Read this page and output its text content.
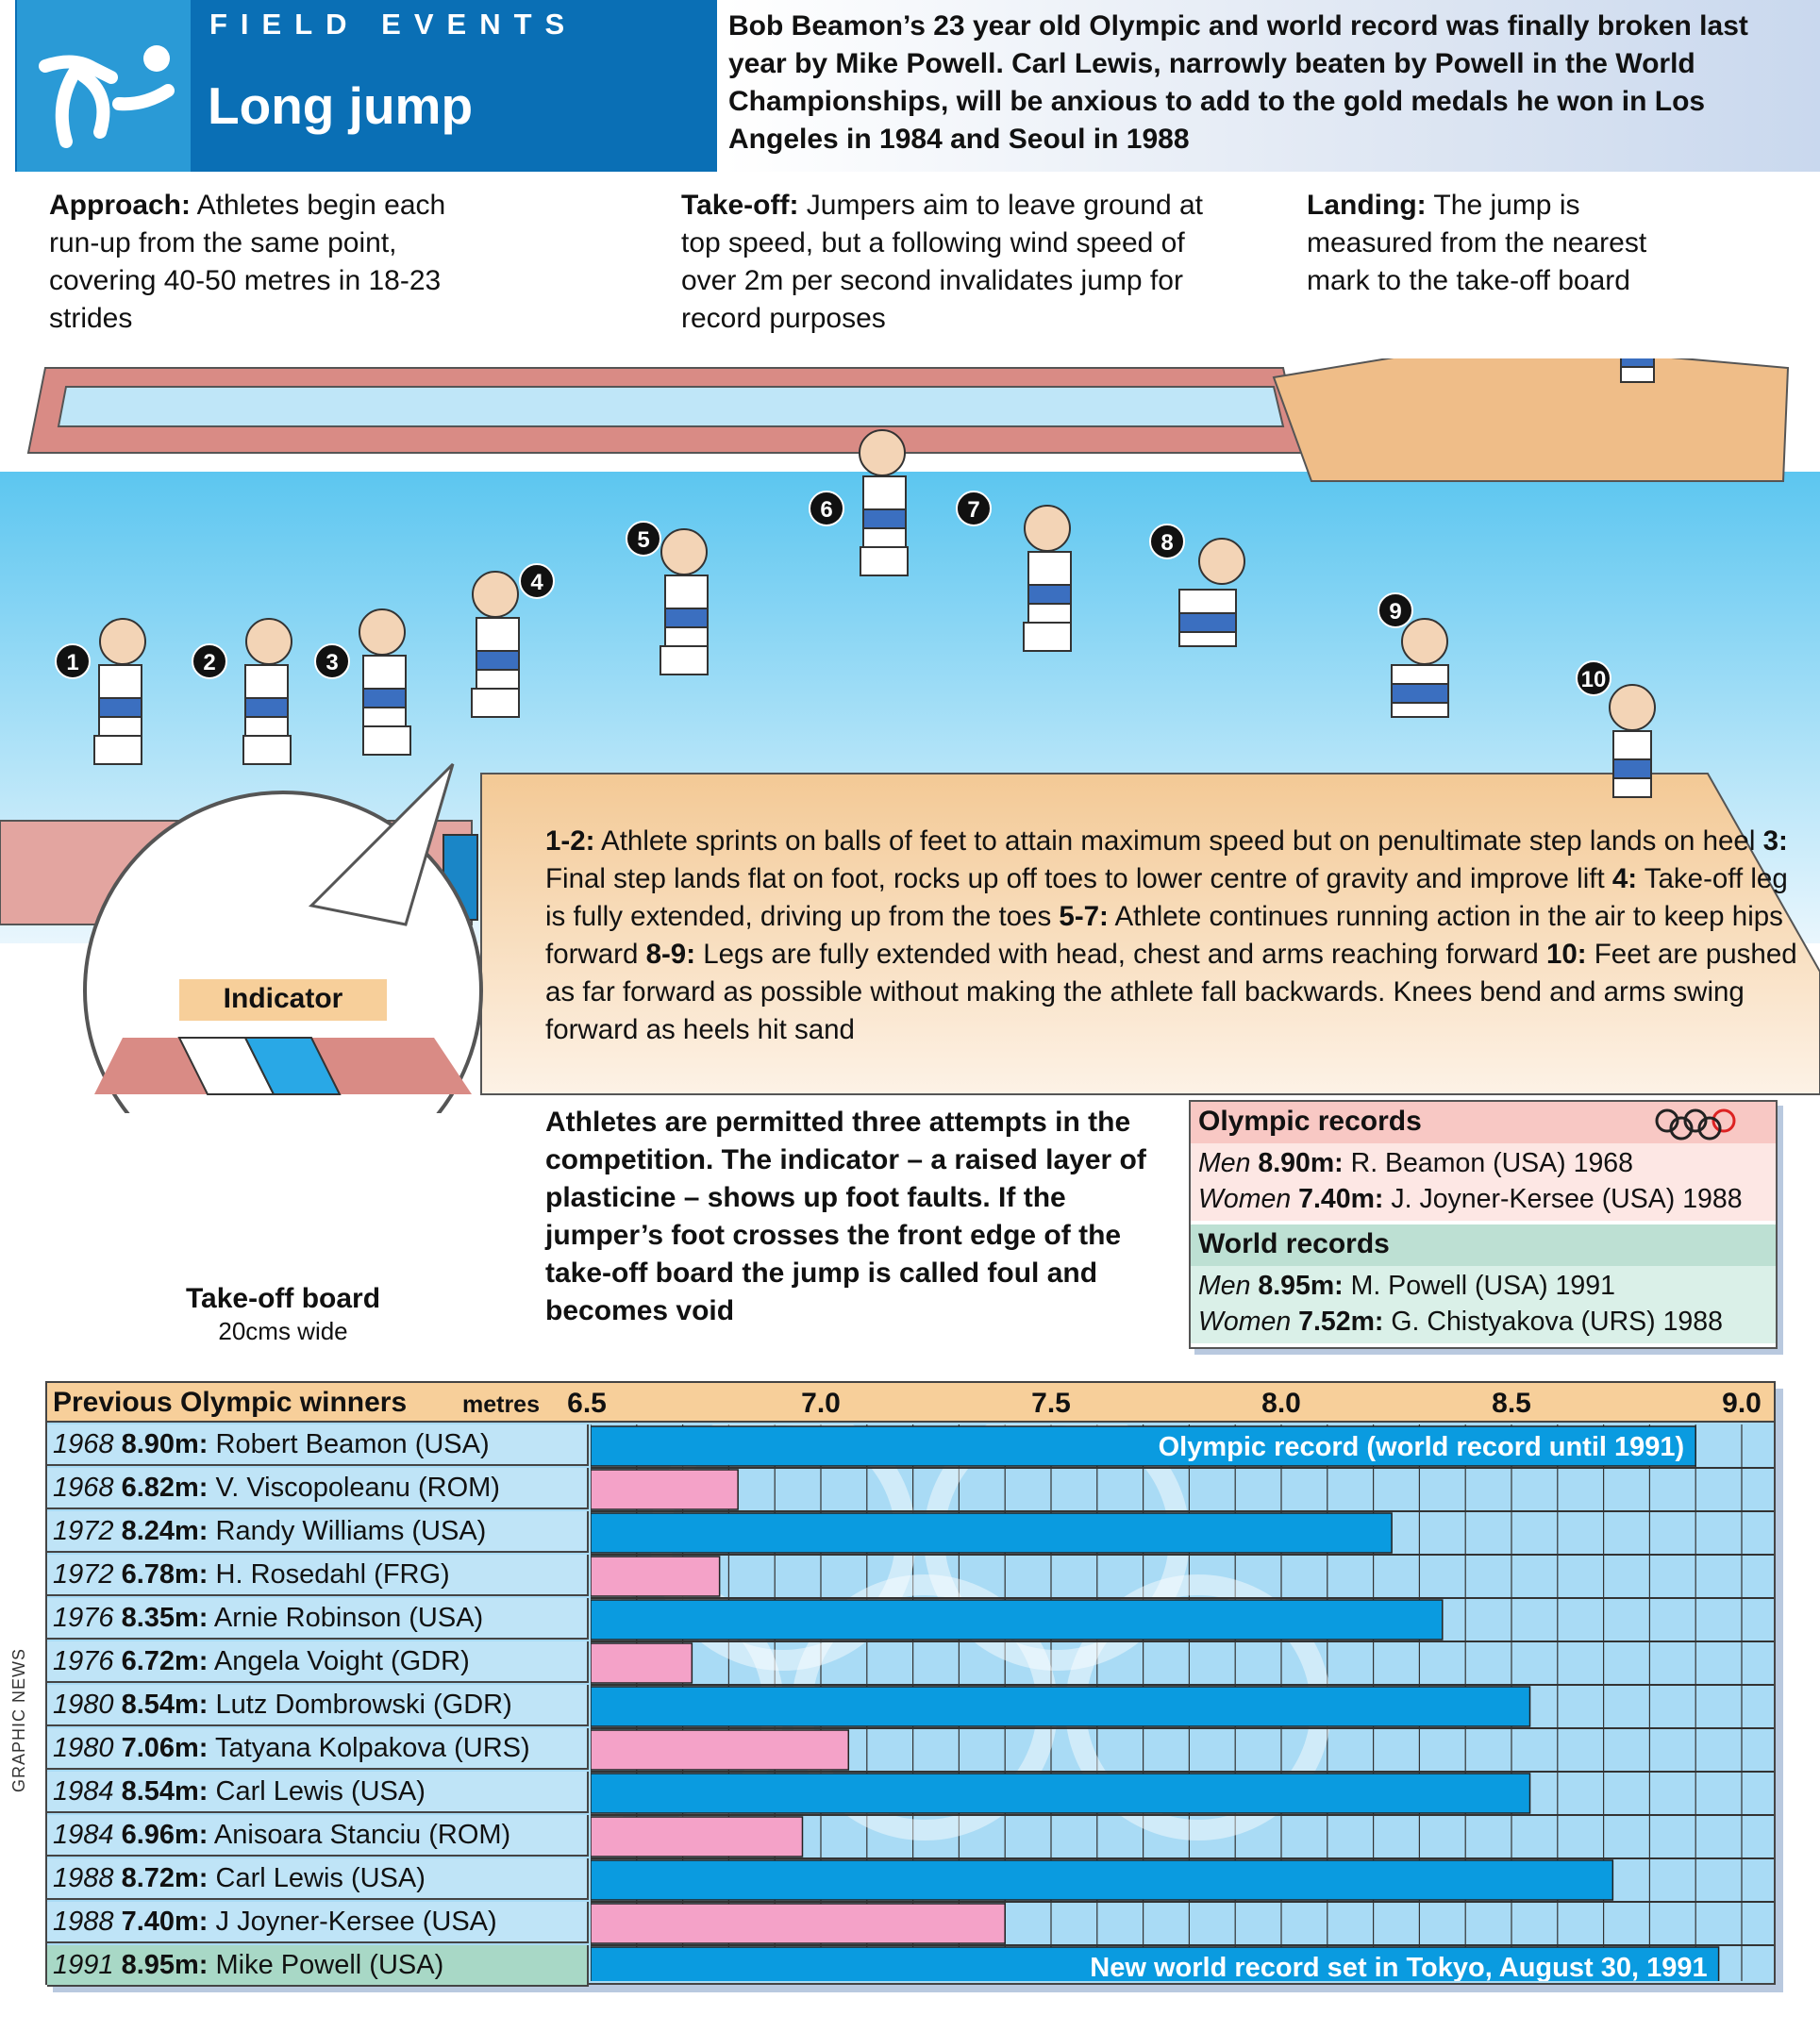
FIELD EVENTS
Long jump
Bob Beamon’s 23 year old Olympic and world record was finally broken last year by Mike Powell. Carl Lewis, narrowly beaten by Powell in the World Championships, will be anxious to add to the gold medals he won in Los Angeles in 1984 and Seoul in 1988
Approach: Athletes begin each run-up from the same point, covering 40-50 metres in 18-23 strides
Take-off: Jumpers aim to leave ground at top speed, but a following wind speed of over 2m per second invalidates jump for record purposes
Landing: The jump is measured from the nearest mark to the take-off board
1	2	3
4
5
6	7
8
9
10
Indicator
Take-off board
20cms wide
1-2: Athlete sprints on balls of feet to attain maximum speed but on penultimate step lands on heel 3: Final step lands flat on foot, rocks up off toes to lower centre of gravity and improve lift 4: Take-off leg is fully extended, driving up from the toes 5-7: Athlete continues running action in the air to keep hips forward 8-9: Legs are fully extended with head, chest and arms reaching forward 10: Feet are pushed as far forward as possible without making the athlete fall backwards. Knees bend and arms swing forward as heels hit sand
Athletes are permitted three attempts in the competition. The indicator – a raised layer of plasticine – shows up foot faults. If the jumper’s foot crosses the front edge of the take-off board the jump is called foul and becomes void
Olympic records
Men 8.90m: R. Beamon (USA) 1968
Women 7.40m: J. Joyner-Kersee (USA) 1988
World records
Men 8.95m: M. Powell (USA) 1991
Women 7.52m: G. Chistyakova (URS) 1988
Previous Olympic winners metres 6.5	7.0	7.5	8.0	8.5	9.0
1968 8.90m: Robert Beamon (USA)
1968 6.82m: V. Viscopoleanu (ROM)
1972 8.24m: Randy Williams (USA)
1972 6.78m: H. Rosedahl (FRG)
1976 8.35m: Arnie Robinson (USA)
1976 6.72m: Angela Voight (GDR)
1980 8.54m: Lutz Dombrowski (GDR)
1980 7.06m: Tatyana Kolpakova (URS)
1984 8.54m: Carl Lewis (USA)
1984 6.96m: Anisoara Stanciu (ROM)
1988 8.72m: Carl Lewis (USA)
1988 7.40m: J Joyner-Kersee (USA)
1991 8.95m: Mike Powell (USA)
Olympic record (world record until 1991)
New world record set in Tokyo, August 30, 1991
GRAPHIC NEWS
